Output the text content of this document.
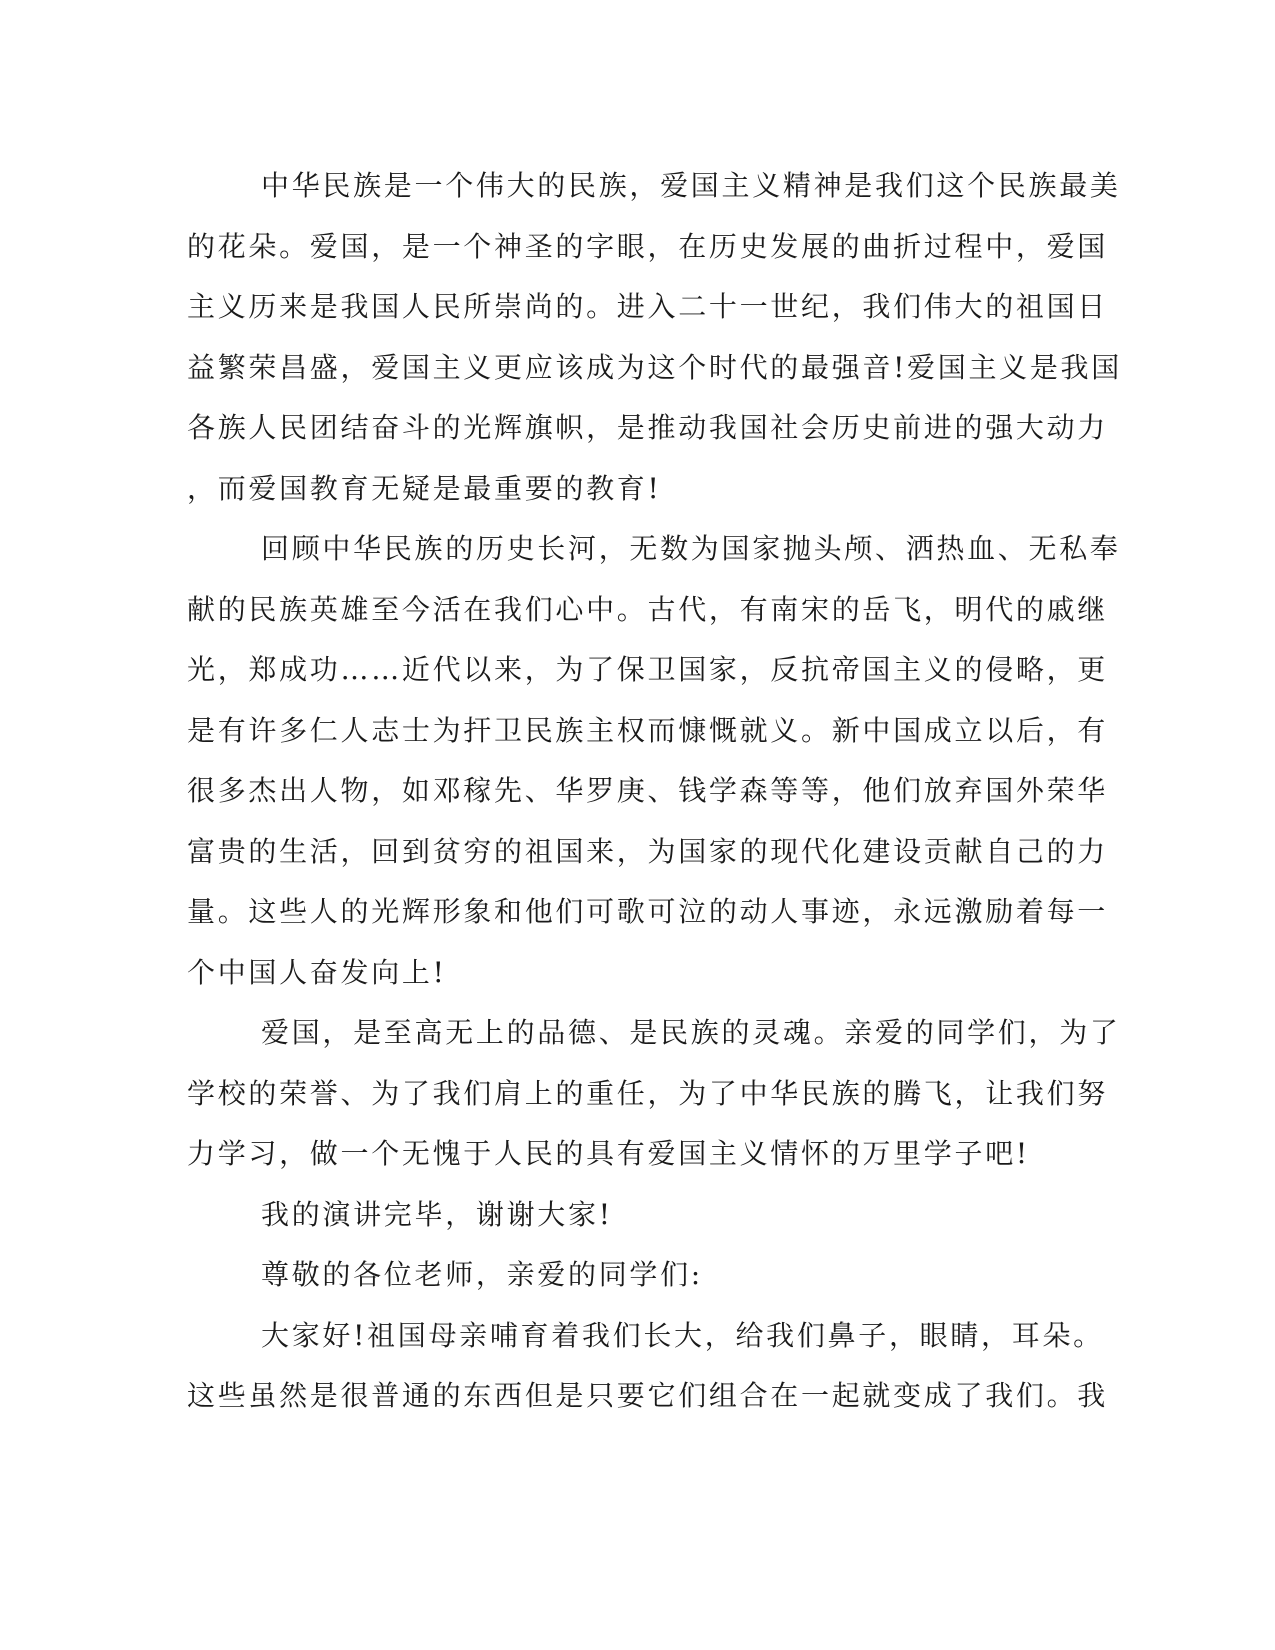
中华民族是一个伟大的民族，爱国主义精神是我们这个民族最美
的花朵。爱国，是一个神圣的字眼，在历史发展的曲折过程中，爱国
主义历来是我国人民所崇尚的。进入二十一世纪，我们伟大的祖国日
益繁荣昌盛，爱国主义更应该成为这个时代的最强音!爱国主义是我国
各族人民团结奋斗的光辉旗帜，是推动我国社会历史前进的强大动力
，而爱国教育无疑是最重要的教育!
回顾中华民族的历史长河，无数为国家抛头颅、洒热血、无私奉
献的民族英雄至今活在我们心中。古代，有南宋的岳飞，明代的戚继
光，郑成功……近代以来，为了保卫国家，反抗帝国主义的侵略，更
是有许多仁人志士为扞卫民族主权而慷慨就义。新中国成立以后，有
很多杰出人物，如邓稼先、华罗庚、钱学森等等，他们放弃国外荣华
富贵的生活，回到贫穷的祖国来，为国家的现代化建设贡献自己的力
量。这些人的光辉形象和他们可歌可泣的动人事迹，永远激励着每一
个中国人奋发向上!
爱国，是至高无上的品德、是民族的灵魂。亲爱的同学们，为了
学校的荣誉、为了我们肩上的重任，为了中华民族的腾飞，让我们努
力学习，做一个无愧于人民的具有爱国主义情怀的万里学子吧!
我的演讲完毕，谢谢大家!
尊敬的各位老师，亲爱的同学们:
大家好!祖国母亲哺育着我们长大，给我们鼻子，眼睛，耳朵。
这些虽然是很普通的东西但是只要它们组合在一起就变成了我们。我
